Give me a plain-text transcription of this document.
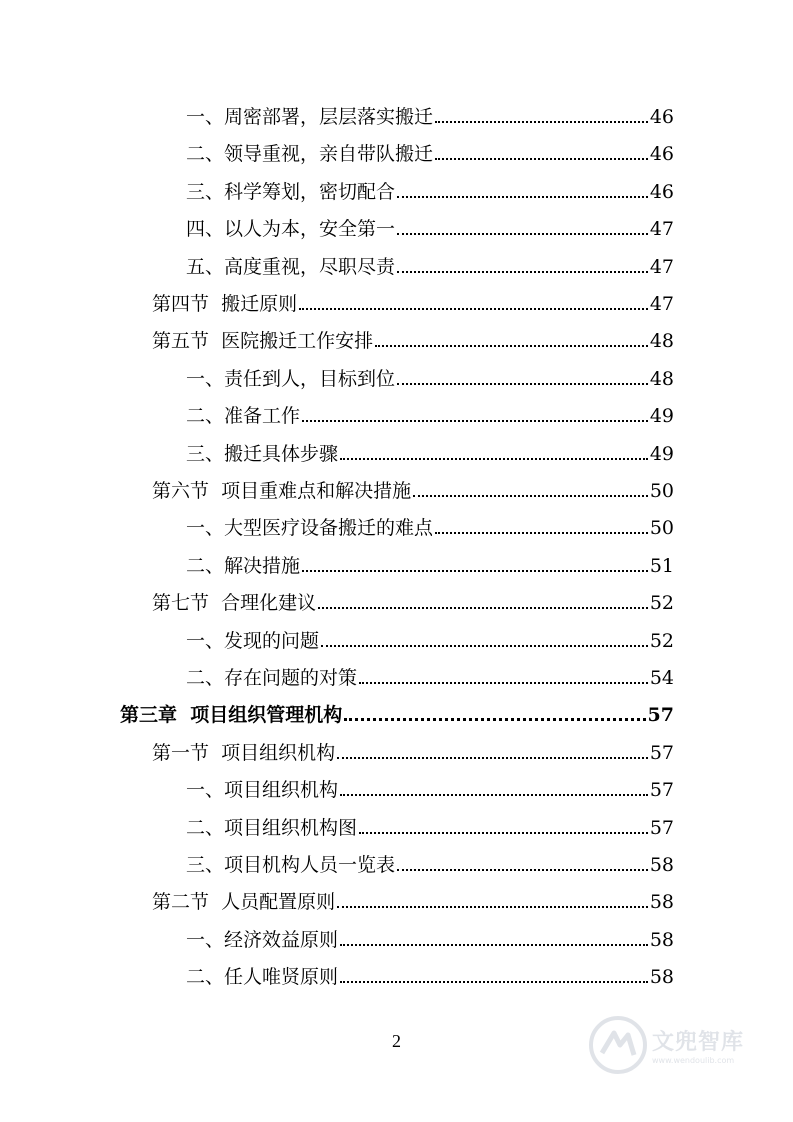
一、周密部署，层层落实搬迁	46
二、领导重视，亲自带队搬迁	46
三、科学筹划，密切配合	46
四、以人为本，安全第一	47
五、高度重视，尽职尽责	47
第四节  搬迁原则	47
第五节  医院搬迁工作安排	48
一、责任到人，目标到位	48
二、准备工作	49
三、搬迁具体步骤	49
第六节  项目重难点和解决措施	50
一、大型医疗设备搬迁的难点	50
二、解决措施	51
第七节  合理化建议	52
一、发现的问题	52
二、存在问题的对策	54
第三章  项目组织管理机构	57
第一节  项目组织机构	57
一、项目组织机构	57
二、项目组织机构图	57
三、项目机构人员一览表	58
第二节  人员配置原则	58
一、经济效益原则	58
二、任人唯贤原则	58
2	文兜智库
www.wendoulib.com
